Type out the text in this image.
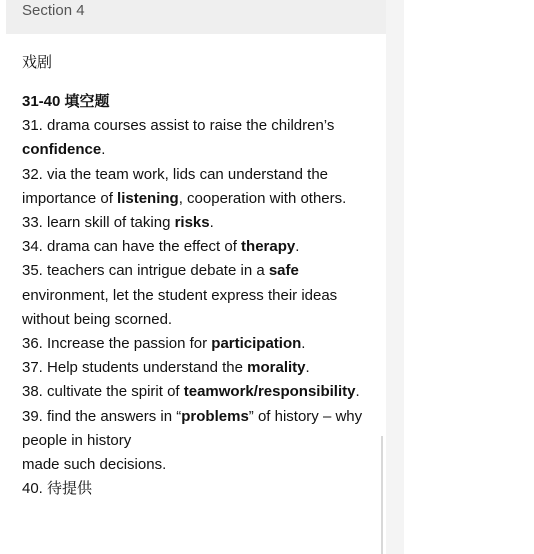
Section 4

戏剧

31-40 填空题

31. drama courses assist to raise the children’s confidence.

32. via the team work, lids can understand the importance of listening, cooperation with others.

33. learn skill of taking risks.

34. drama can have the effect of therapy.

35. teachers can intrigue debate in a safe environment, let the student express their ideas without being scorned.

36. Increase the passion for participation.

37. Help students understand the morality.

38. cultivate the spirit of teamwork/responsibility.

39. find the answers in “problems” of history – why people in history

made such decisions.

40. 待提供
